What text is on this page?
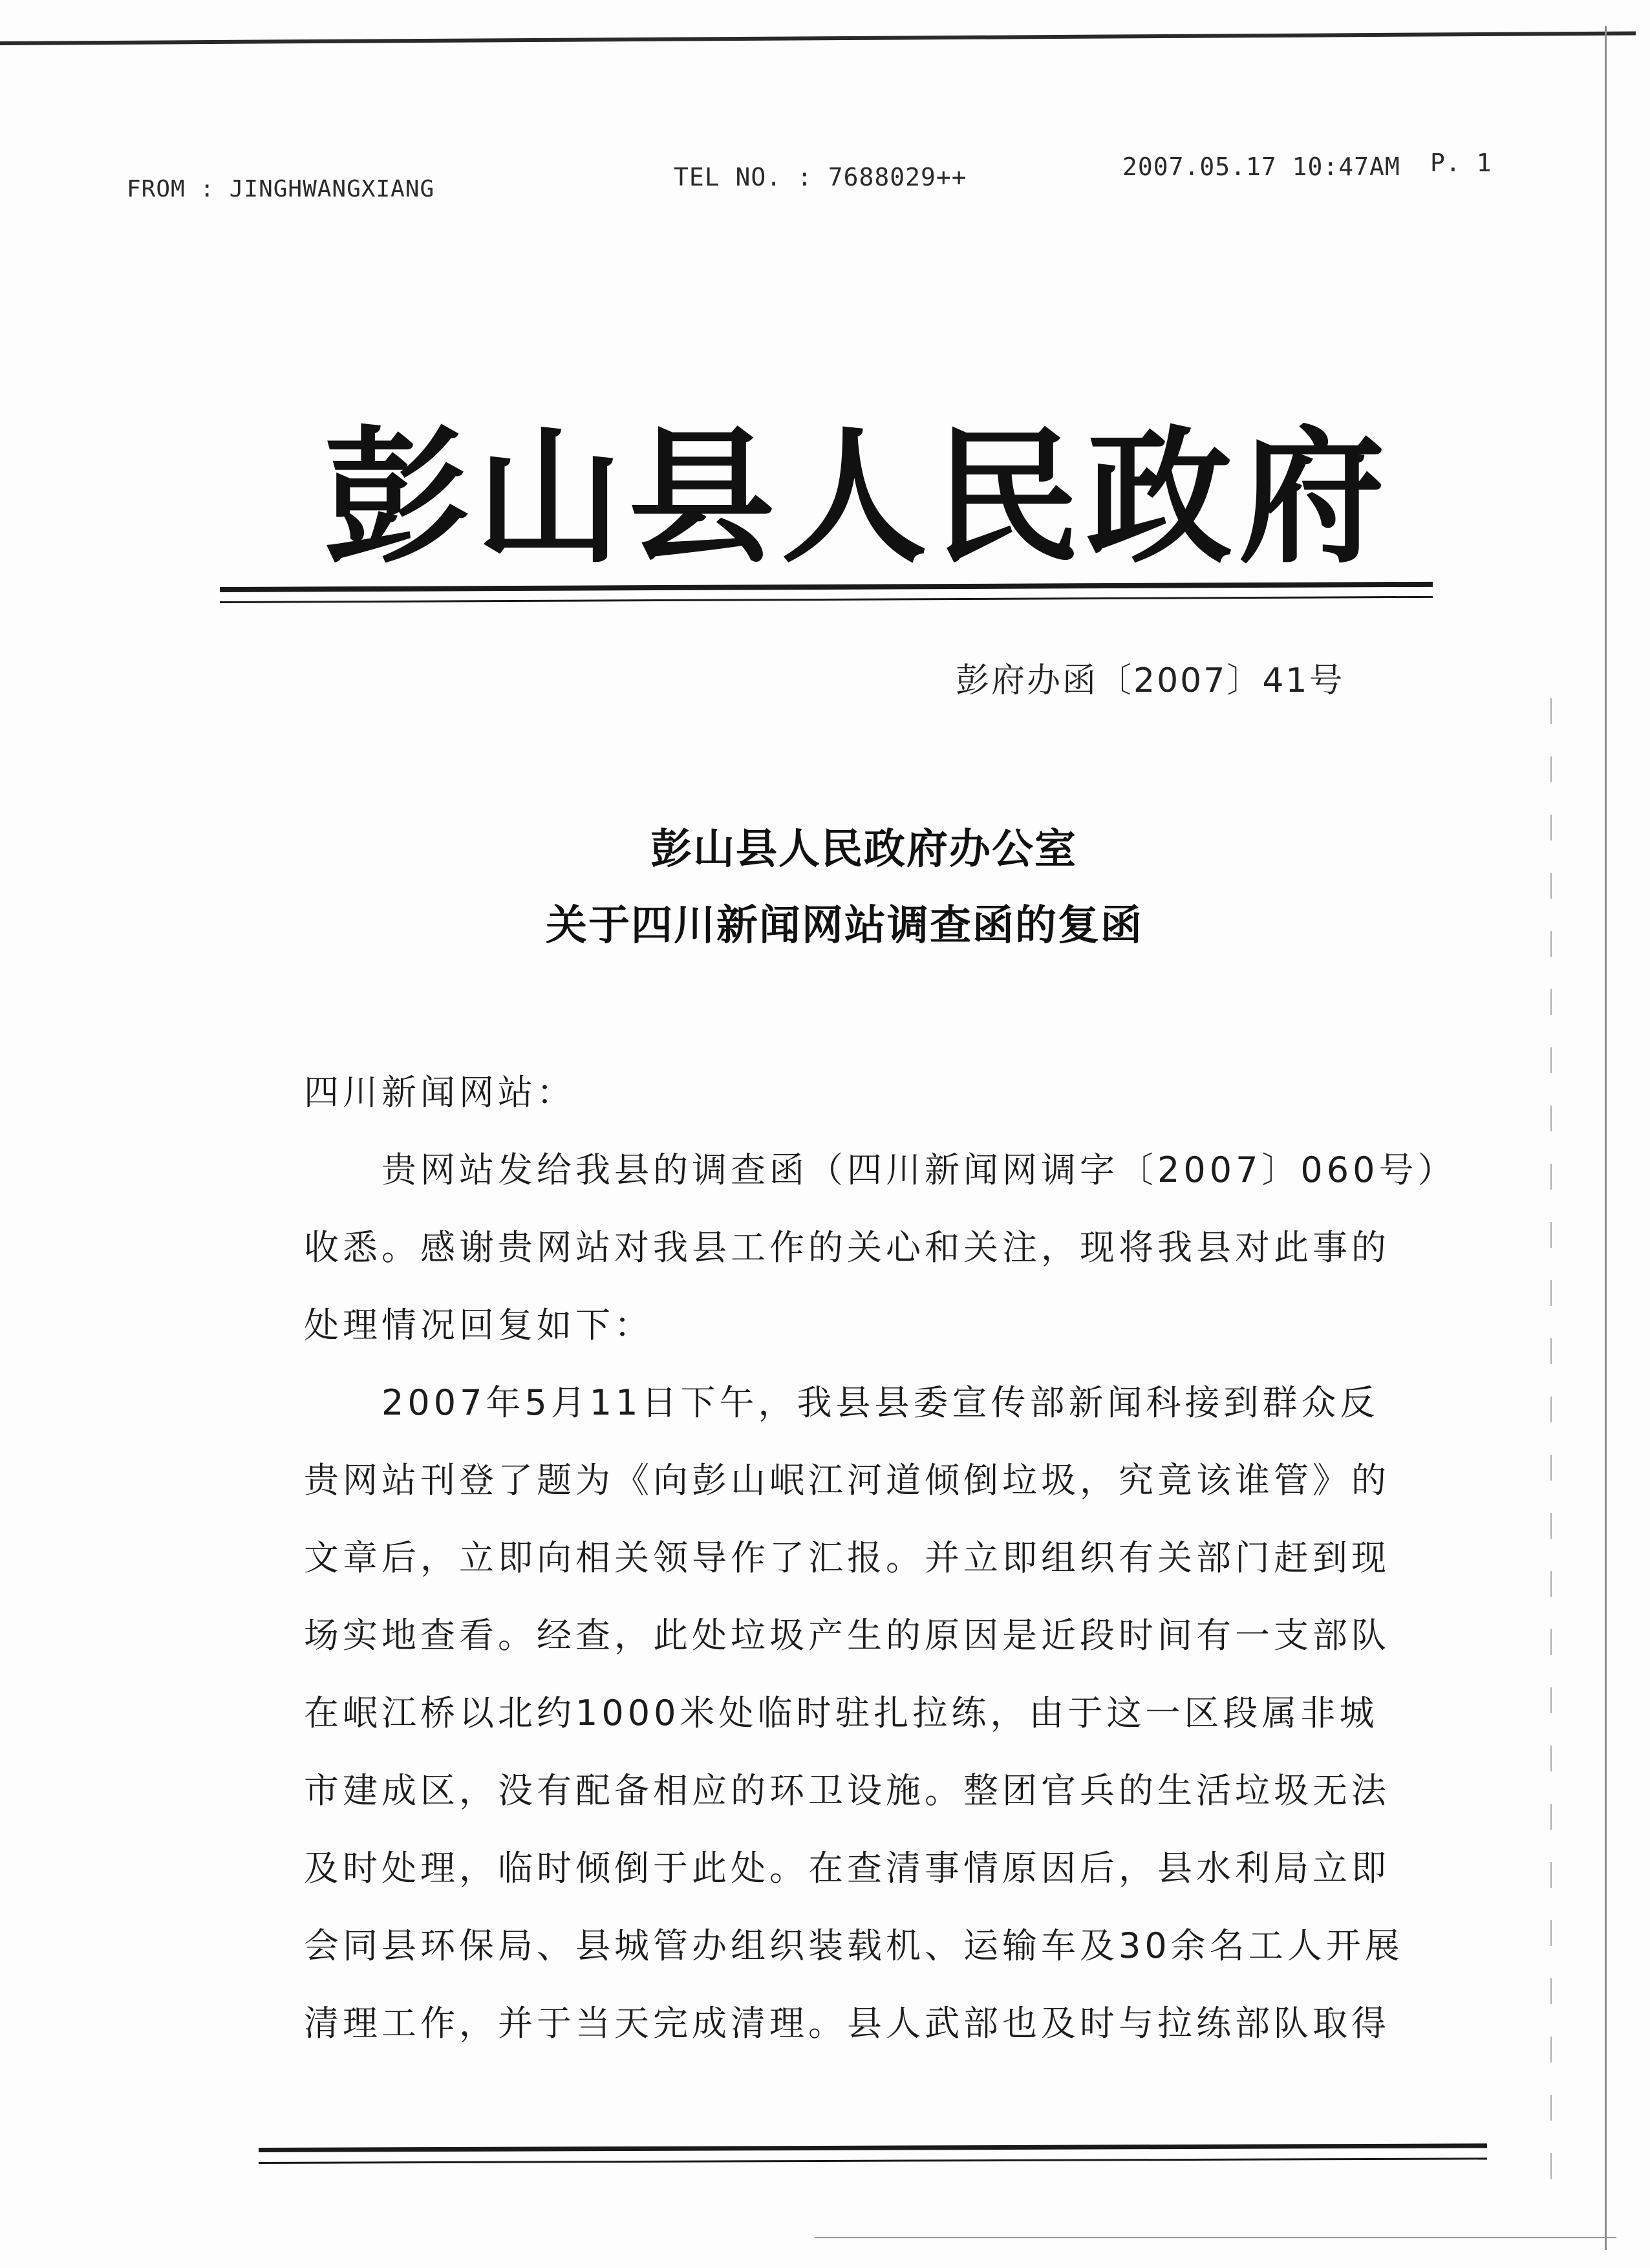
FROM : JINGHWANGXIANG	TEL NO. : 7688029++	2007.05.17 10:47AM P. 1
彭山县人民政府
彭府办函〔2007〕41号
彭山县人民政府办公室
关于四川新闻网站调查函的复函
四川新闻网站：
　　贵网站发给我县的调查函（四川新闻网调字〔2007〕060号）
收悉。感谢贵网站对我县工作的关心和关注，现将我县对此事的
处理情况回复如下：
　　2007年5月11日下午，我县县委宣传部新闻科接到群众反
贵网站刊登了题为《向彭山岷江河道倾倒垃圾，究竟该谁管》的
文章后，立即向相关领导作了汇报。并立即组织有关部门赶到现
场实地查看。经查，此处垃圾产生的原因是近段时间有一支部队
在岷江桥以北约1000米处临时驻扎拉练，由于这一区段属非城
市建成区，没有配备相应的环卫设施。整团官兵的生活垃圾无法
及时处理，临时倾倒于此处。在查清事情原因后，县水利局立即
会同县环保局、县城管办组织装载机、运输车及30余名工人开展
清理工作，并于当天完成清理。县人武部也及时与拉练部队取得
